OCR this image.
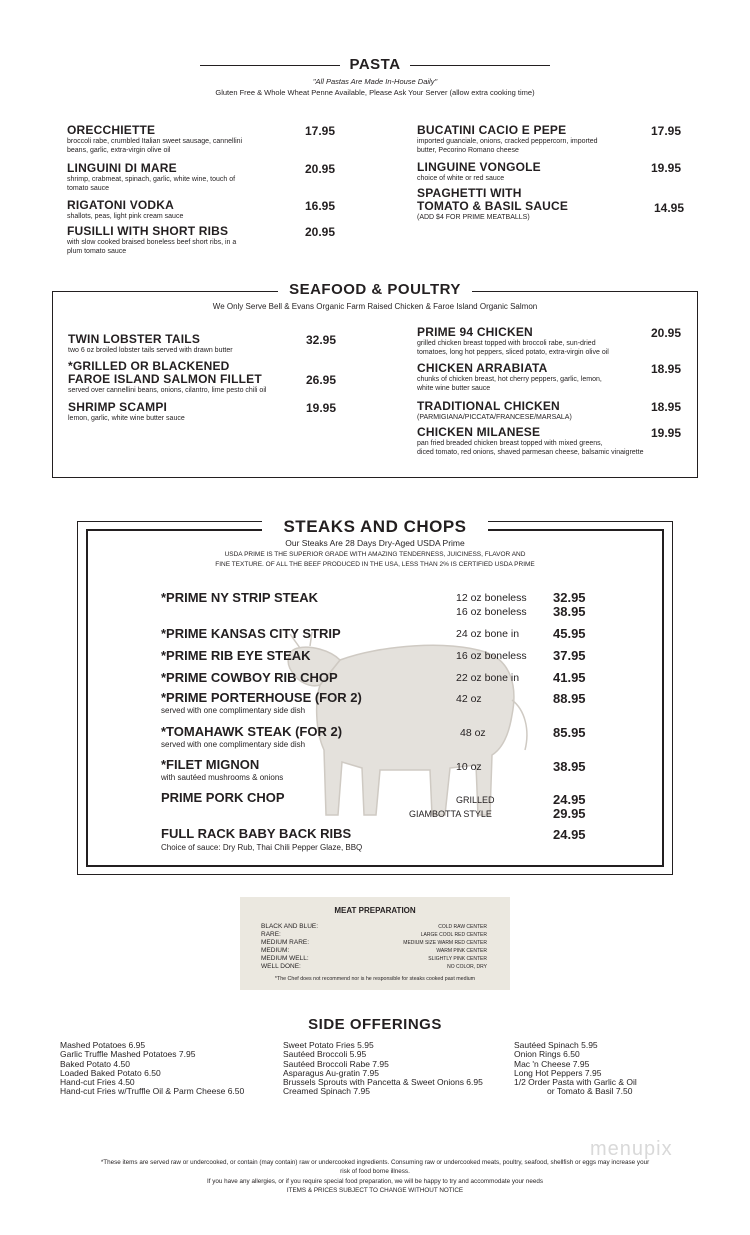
PASTA
"All Pastas Are Made In-House Daily"
Gluten Free & Whole Wheat Penne Available, Please Ask Your Server (allow extra cooking time)
ORECCHIETTE
broccoli rabe, crumbled Italian sweet sausage, cannellini
beans, garlic, extra-virgin olive oil
17.95
LINGUINI DI MARE
shrimp, crabmeat, spinach, garlic, white wine, touch of
tomato sauce
20.95
RIGATONI VODKA
shallots, peas, light pink cream sauce
16.95
FUSILLI WITH SHORT RIBS
with slow cooked braised boneless beef short ribs, in a
plum tomato sauce
20.95
BUCATINI CACIO E PEPE
imported guanciale, onions, cracked peppercorn, imported
butter, Pecorino Romano cheese
17.95
LINGUINE VONGOLE
choice of white or red sauce
19.95
SPAGHETTI WITH
TOMATO & BASIL SAUCE
(ADD $4 FOR PRIME MEATBALLS)
14.95
SEAFOOD & POULTRY
We Only Serve Bell & Evans Organic Farm Raised Chicken & Faroe Island Organic Salmon
TWIN LOBSTER TAILS
two 6 oz broiled lobster tails served with drawn butter
32.95
*GRILLED OR BLACKENED
FAROE ISLAND SALMON FILLET
served over cannellini beans, onions, cilantro, lime pesto chili oil
26.95
SHRIMP SCAMPI
lemon, garlic, white wine butter sauce
19.95
PRIME 94 CHICKEN
grilled chicken breast topped with broccoli rabe, sun-dried
tomatoes, long hot peppers, sliced potato, extra-virgin olive oil
20.95
CHICKEN ARRABIATA
chunks of chicken breast, hot cherry peppers, garlic, lemon,
white wine butter sauce
18.95
TRADITIONAL CHICKEN
(PARMIGIANA/PICCATA/FRANCESE/MARSALA)
18.95
CHICKEN MILANESE
pan fried breaded chicken breast topped with mixed greens,
diced tomato, red onions, shaved parmesan cheese, balsamic vinaigrette
19.95
STEAKS AND CHOPS
Our Steaks Are 28 Days Dry-Aged USDA Prime
USDA PRIME IS THE SUPERIOR GRADE WITH AMAZING TENDERNESS, JUICINESS, FLAVOR AND
FINE TEXTURE. OF ALL THE BEEF PRODUCED IN THE USA, LESS THAN 2% IS CERTIFIED USDA PRIME
*PRIME NY STRIP STEAK	12 oz boneless 32.95
16 oz boneless 38.95
*PRIME KANSAS CITY STRIP	24 oz bone in	45.95
*PRIME RIB EYE STEAK	16 oz boneless 37.95
*PRIME COWBOY RIB CHOP	22 oz bone in	41.95
*PRIME PORTERHOUSE (FOR 2)
served with one complimentary side dish
42 oz	88.95
*TOMAHAWK STEAK (FOR 2)
served with one complimentary side dish
48 oz	85.95
*FILET MIGNON
with sautéed mushrooms & onions
10 oz	38.95
PRIME PORK CHOP	GRILLED	24.95
GIAMBOTTA STYLE	29.95
FULL RACK BABY BACK RIBS
Choice of sauce: Dry Rub, Thai Chili Pepper Glaze, BBQ
24.95
MEAT PREPARATION
BLACK AND BLUE:	COLD RAW CENTER
RARE:	LARGE COOL RED CENTER
MEDIUM RARE:	MEDIUM SIZE WARM RED CENTER
MEDIUM:	WARM PINK CENTER
MEDIUM WELL:	SLIGHTLY PINK CENTER
WELL DONE:	NO COLOR, DRY
*The Chef does not recommend nor is he responsible for steaks cooked past medium
SIDE OFFERINGS
Mashed Potatoes 6.95
Garlic Truffle Mashed Potatoes 7.95
Baked Potato 4.50
Loaded Baked Potato 6.50
Hand-cut Fries 4.50
Hand-cut Fries w/Truffle Oil & Parm Cheese 6.50
Sweet Potato Fries 5.95
Sautéed Broccoli 5.95
Sautéed Broccoli Rabe 7.95
Asparagus Au-gratin 7.95
Brussels Sprouts with Pancetta & Sweet Onions 6.95
Creamed Spinach 7.95
Sautéed Spinach 5.95
Onion Rings 6.50
Mac 'n Cheese 7.95
Long Hot Peppers 7.95
1/2 Order Pasta with Garlic & Oil
or Tomato & Basil 7.50
menupix
*These items are served raw or undercooked, or contain (may contain) raw or undercooked ingredients. Consuming raw or undercooked meats, poultry, seafood, shellfish or eggs may increase your
risk of food borne illness.
If you have any allergies, or if you require special food preparation, we will be happy to try and accommodate your needs
ITEMS & PRICES SUBJECT TO CHANGE WITHOUT NOTICE
